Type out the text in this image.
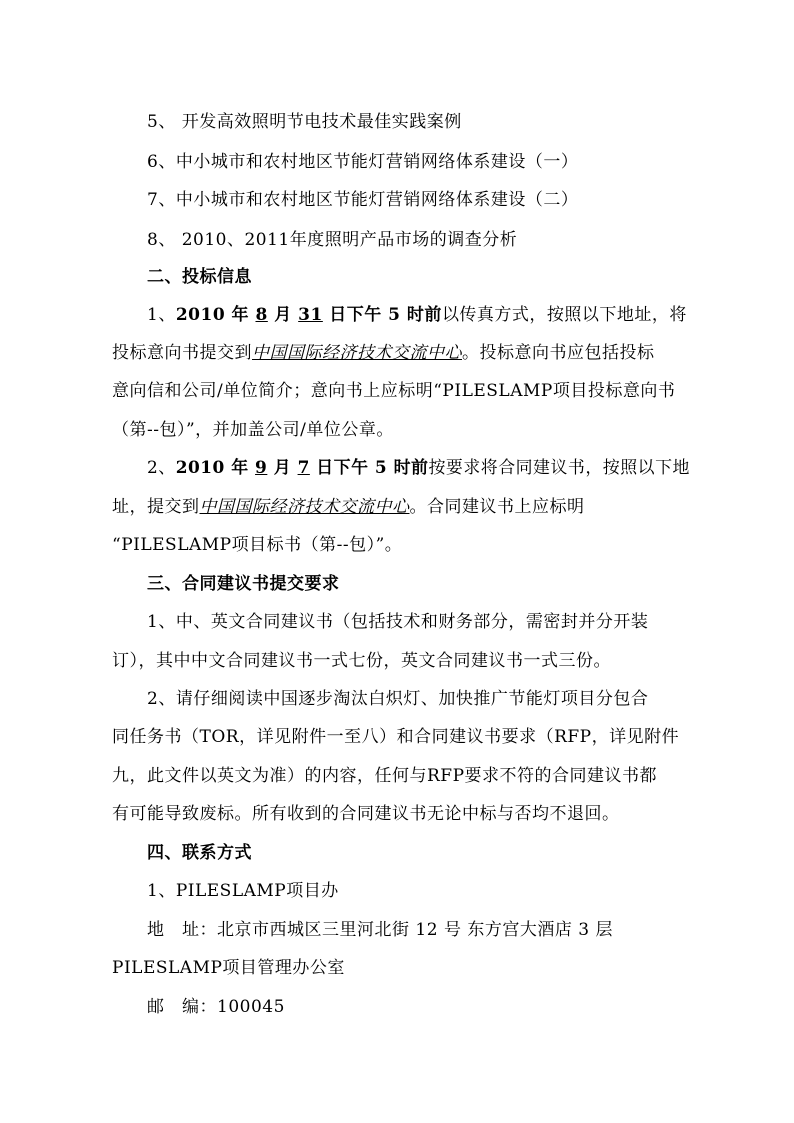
5、 开发高效照明节电技术最佳实践案例
6、中小城市和农村地区节能灯营销网络体系建设（一）
7、中小城市和农村地区节能灯营销网络体系建设（二）
8、 2010、2011年度照明产品市场的调查分析
二、投标信息
1、2010 年 8 月 31 日下午 5 时前以传真方式，按照以下地址，将
投标意向书提交到中国国际经济技术交流中心。投标意向书应包括投标
意向信和公司/单位简介；意向书上应标明“PILESLAMP项目投标意向书
（第--包）”，并加盖公司/单位公章。
2、2010 年 9 月 7 日下午 5 时前按要求将合同建议书，按照以下地
址，提交到中国国际经济技术交流中心。合同建议书上应标明
“PILESLAMP项目标书（第--包）”。
三、合同建议书提交要求
1、中、英文合同建议书（包括技术和财务部分，需密封并分开装
订），其中中文合同建议书一式七份，英文合同建议书一式三份。
2、请仔细阅读中国逐步淘汰白炽灯、加快推广节能灯项目分包合
同任务书（TOR，详见附件一至八）和合同建议书要求（RFP，详见附件
九，此文件以英文为准）的内容，任何与RFP要求不符的合同建议书都
有可能导致废标。所有收到的合同建议书无论中标与否均不退回。
四、联系方式
1、PILESLAMP项目办
地　址：北京市西城区三里河北街 12 号 东方宫大酒店 3 层
PILESLAMP项目管理办公室
邮　编：100045
